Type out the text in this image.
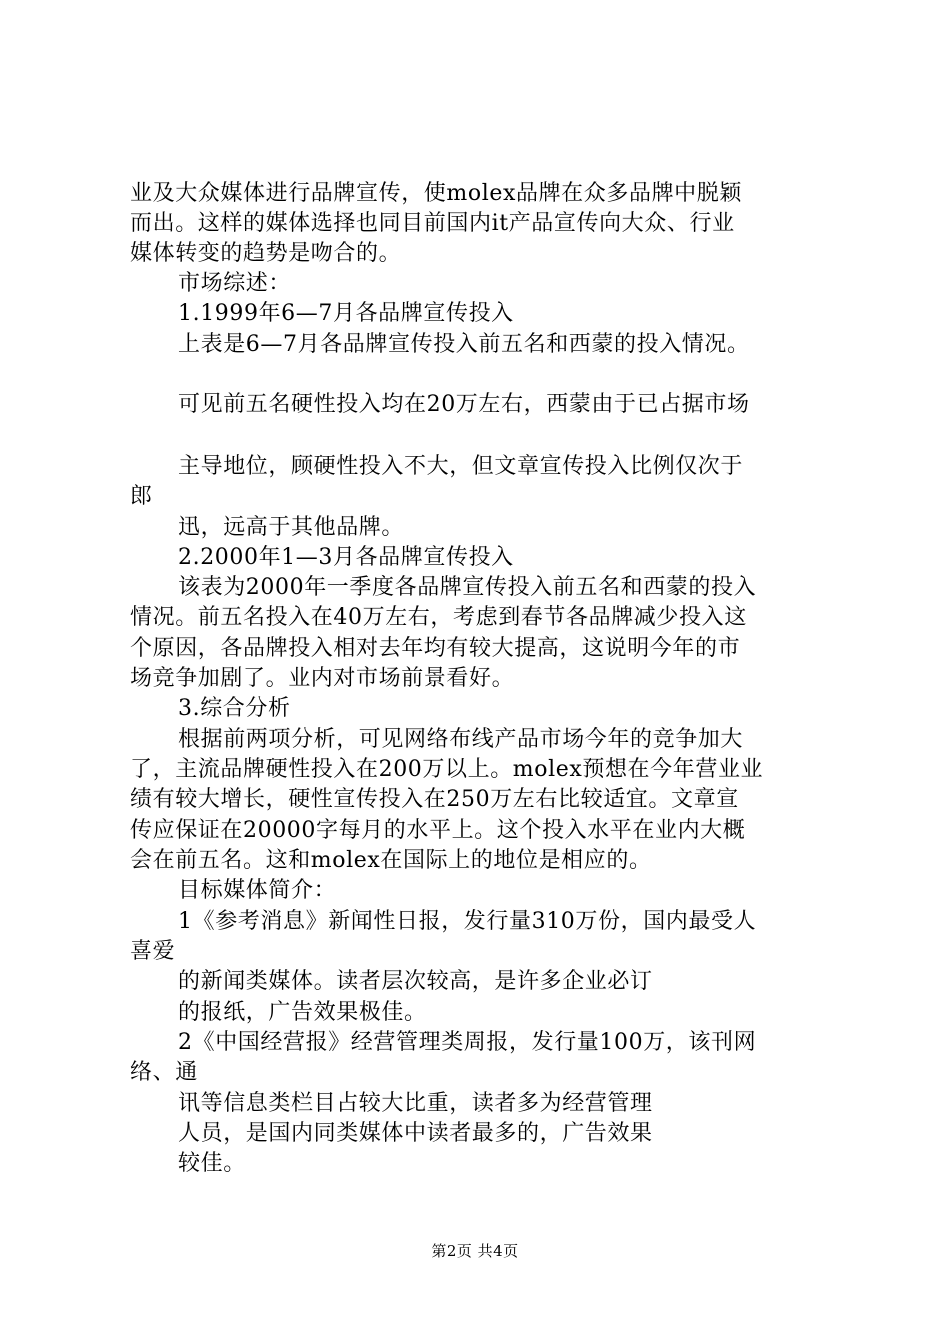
业及大众媒体进行品牌宣传，使molex品牌在众多品牌中脱颖
而出。这样的媒体选择也同目前国内it产品宣传向大众、行业
媒体转变的趋势是吻合的。
市场综述：
1.1999年6—7月各品牌宣传投入
上表是6—7月各品牌宣传投入前五名和西蒙的投入情况。
可见前五名硬性投入均在20万左右，西蒙由于已占据市场
主导地位，顾硬性投入不大，但文章宣传投入比例仅次于
郎
迅，远高于其他品牌。
2.2000年1—3月各品牌宣传投入
该表为2000年一季度各品牌宣传投入前五名和西蒙的投入
情况。前五名投入在40万左右，考虑到春节各品牌减少投入这
个原因，各品牌投入相对去年均有较大提高，这说明今年的市
场竞争加剧了。业内对市场前景看好。
3.综合分析
根据前两项分析，可见网络布线产品市场今年的竞争加大
了，主流品牌硬性投入在200万以上。molex预想在今年营业业
绩有较大增长，硬性宣传投入在250万左右比较适宜。文章宣
传应保证在20000字每月的水平上。这个投入水平在业内大概
会在前五名。这和molex在国际上的地位是相应的。
目标媒体简介：
1《参考消息》新闻性日报，发行量310万份，国内最受人
喜爱
的新闻类媒体。读者层次较高，是许多企业必订
的报纸，广告效果极佳。
2《中国经营报》经营管理类周报，发行量100万，该刊网
络、通
讯等信息类栏目占较大比重，读者多为经营管理
人员，是国内同类媒体中读者最多的，广告效果
较佳。
第2页 共4页
